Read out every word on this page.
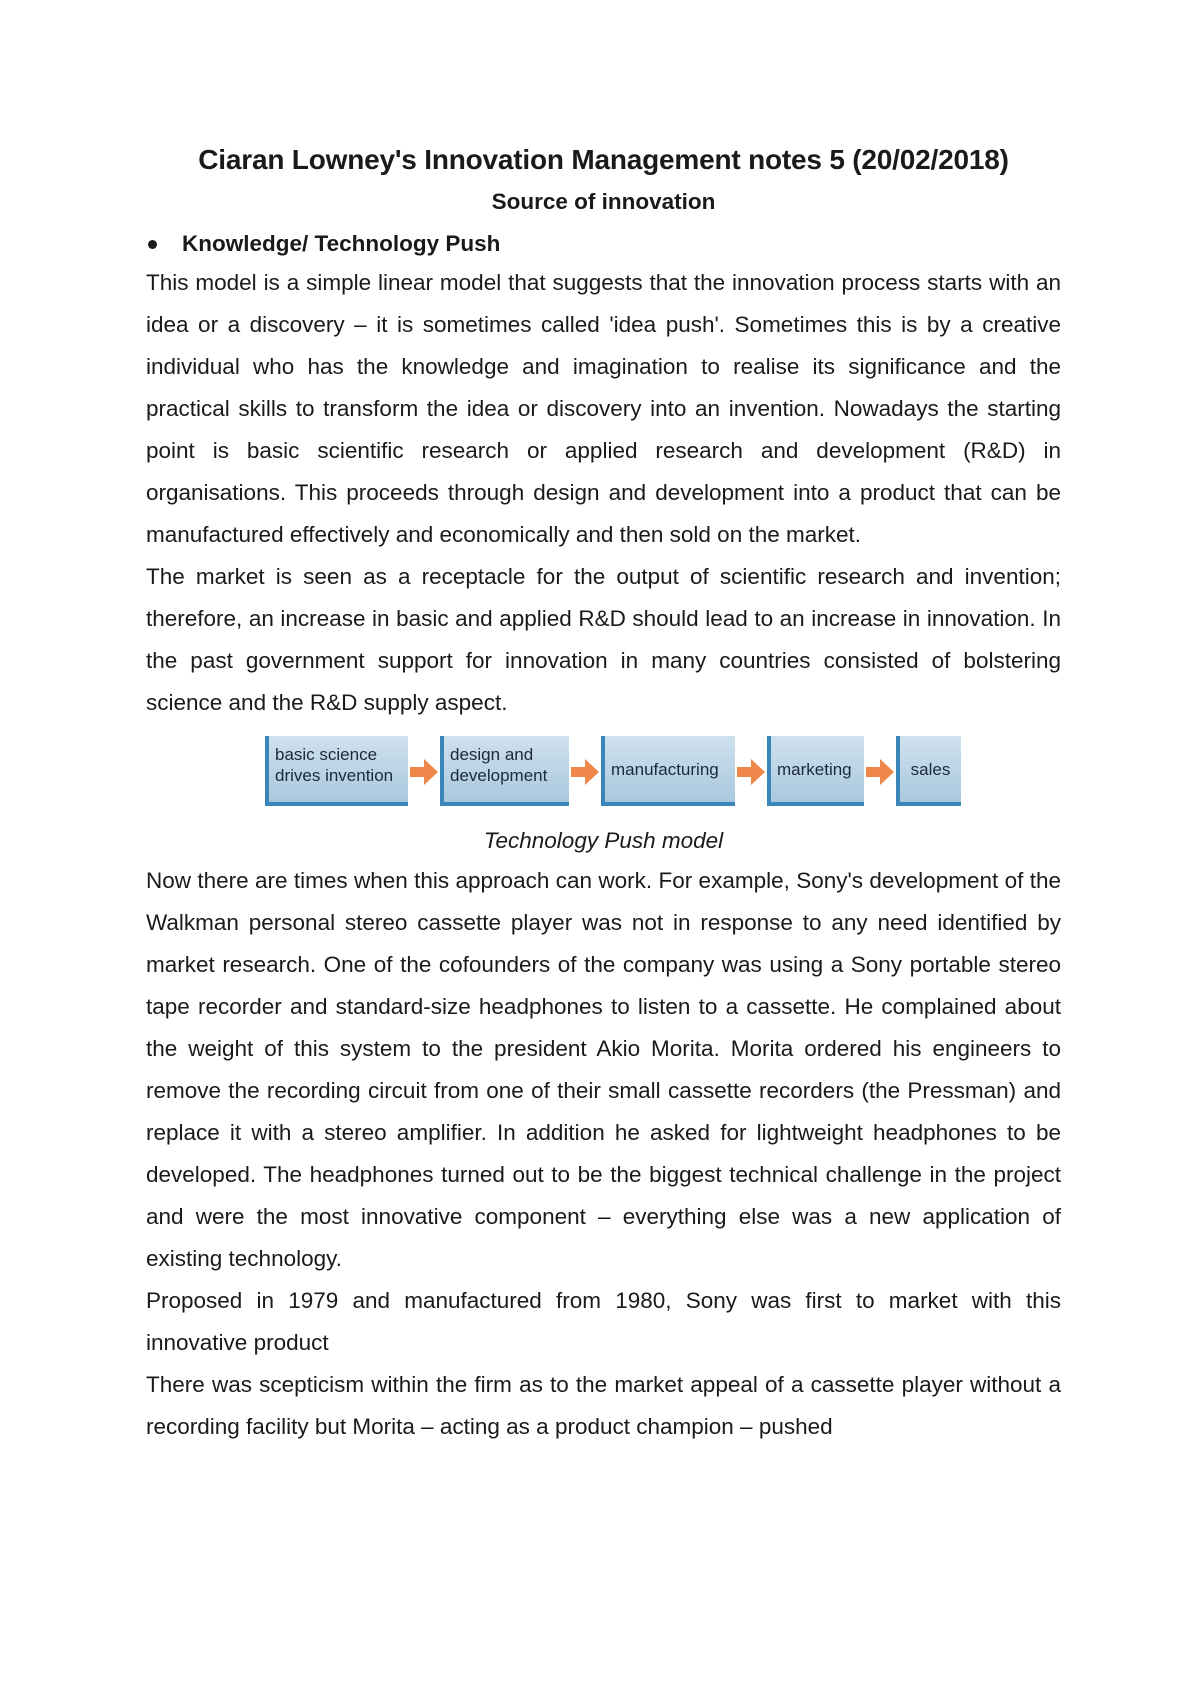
Ciaran Lowney's Innovation Management notes 5 (20/02/2018)
Source of innovation
Knowledge/ Technology Push

This model is a simple linear model that suggests that the innovation process starts with an idea or a discovery – it is sometimes called 'idea push'. Sometimes this is by a creative individual who has the knowledge and imagination to realise its significance and the practical skills to transform the idea or discovery into an invention. Nowadays the starting point is basic scientific research or applied research and development (R&D) in organisations. This proceeds through design and development into a product that can be manufactured effectively and economically and then sold on the market.

The market is seen as a receptacle for the output of scientific research and invention; therefore, an increase in basic and applied R&D should lead to an increase in innovation. In the past government support for innovation in many countries consisted of bolstering science and the R&D supply aspect.

basic science
drives invention
design and
development	manufacturing	marketing	sales
Technology Push model

Now there are times when this approach can work. For example, Sony's development of the Walkman personal stereo cassette player was not in response to any need identified by market research. One of the cofounders of the company was using a Sony portable stereo tape recorder and standard-size headphones to listen to a cassette. He complained about the weight of this system to the president Akio Morita. Morita ordered his engineers to remove the recording circuit from one of their small cassette recorders (the Pressman) and replace it with a stereo amplifier. In addition he asked for lightweight headphones to be developed. The headphones turned out to be the biggest technical challenge in the project and were the most innovative component – everything else was a new application of existing technology.

Proposed in 1979 and manufactured from 1980, Sony was first to market with this innovative product

There was scepticism within the firm as to the market appeal of a cassette player without a recording facility but Morita – acting as a product champion – pushed
